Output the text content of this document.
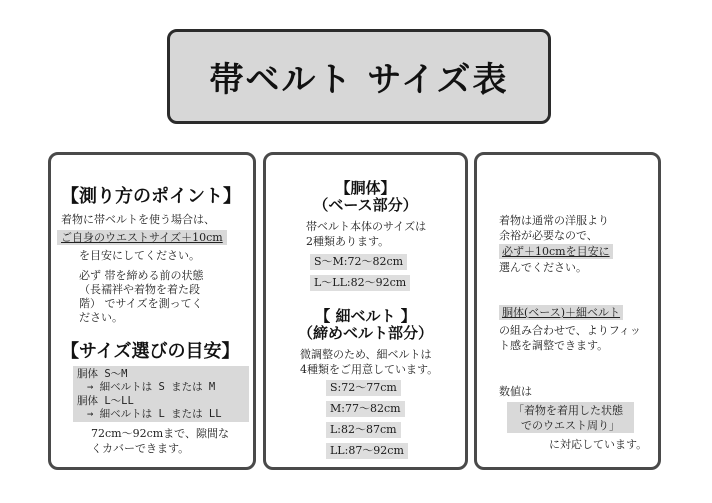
帯ベルト サイズ表
【測り方のポイント】
着物に帯ベルトを使う場合は、
ご自身のウエストサイズ＋10cm
を目安にしてください。
必ず 帯を締める前の状態
（長襦袢や着物を着た段
階） でサイズを測ってく
ださい。
【サイズ選びの目安】
胴体 S～M
→ 細ベルトは S または M
胴体 L～LL
→ 細ベルトは L または LL
72cm～92cmまで、隙間な
くカバーできます。
【胴体】
（ベース部分）
帯ベルト本体のサイズは
2種類あります。
S～M:72～82cm
L～LL:82～92cm
【 細ベルト 】
（締めベルト部分）
微調整のため、細ベルトは
4種類をご用意しています。
S:72～77cm
M:77～82cm
L:82～87cm
LL:87～92cm
着物は通常の洋服より
余裕が必要なので、
必ず＋10cmを目安に
選んでください。
胴体(ベース)＋細ベルト
の組み合わせで、よりフィッ
ト感を調整できます。
数値は
「着物を着用した状態
でのウエスト周り」
に対応しています。
